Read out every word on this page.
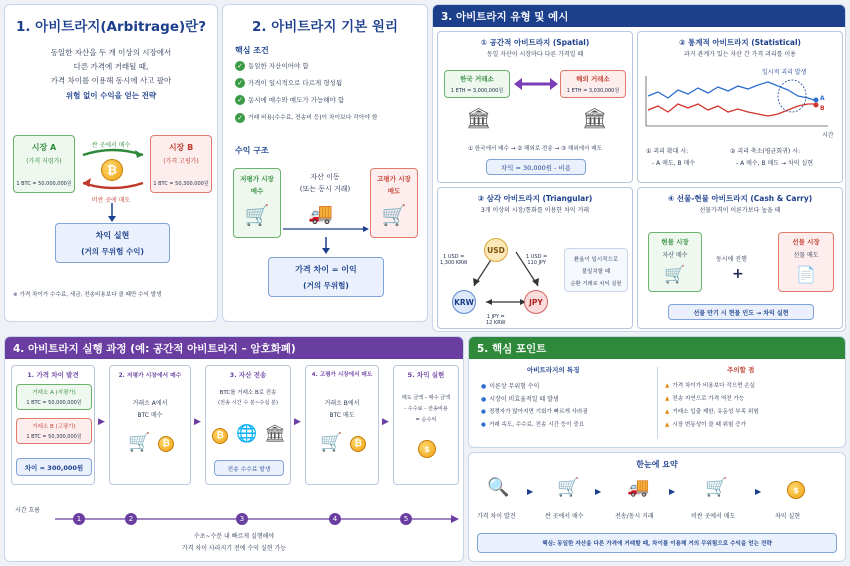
1. 아비트라지(Arbitrage)란?
동일한 자산을 두 개 이상의 시장에서
다른 가격에 거래될 때,
가격 차이를 이용해 동시에 사고 팔아
위험 없이 수익을 얻는 전략
시장 A
(가격 저렴가)
1 BTC = 50,000,000원
시장 B
(가격 고평가)
1 BTC = 50,300,000원
싼 곳에서 매수
₿
비싼 곳에 매도
차익 실현
(거의 무위험 수익)
※ 가격 차이가 수수료, 세금, 전송비용보다 클 때만 수익 발생
2. 아비트라지 기본 원리
핵심 조건
✓ 동일한 자산이어야 함
✓ 가격이 일시적으로 다르게 형성됨
✓ 동시에 매수와 매도가 가능해야 함
✓ 거래 비용(수수료, 전송비 등)이 차이보다 작아야 함
수익 구조
저평가 시장
매수
🛒
자산 이동
(또는 동시 거래)
🚚
고평가 시장
매도
🛒
가격 차이 = 이익
(거의 무위험)
3. 아비트라지 유형 및 예시
① 공간적 아비트라지 (Spatial)
동일 자산이 시장마다 다른 가격일 때
한국 거래소
1 ETH = 3,000,000원
해외 거래소
1 ETH = 3,030,000원
🏛	🏛
① 한국에서 매수 → ② 해외로 전송 → ③ 해외에서 매도
차익 = 30,000원 - 비용
② 통계적 아비트라지 (Statistical)
과거 관계가 있는 자산 간 가격 괴리를 이용
일시적 괴리 발생
A
B
시간
① 괴리 확대 시:
- A 매도, B 매수
② 괴리 축소(평균회귀) 시:
- A 매수, B 매도 → 차익 실현
③ 삼각 아비트라지 (Triangular)
3개 이상의 시장/통화를 이용한 차익 거래
USD
KRW	JPY
1 USD =
1,300 KRW
1 USD =
110 JPY
1 JPY =
12 KRW
환율이 일시적으로
불일치할 때
순환 거래로 차익 실현
④ 선물-현물 아비트라지 (Cash & Carry)
선물가격이 이론가보다 높을 때
현물 시장
자산 매수
🛒
동시에 진행
+
선물 시장
선물 매도
📄
선물 만기 시 현물 인도 → 차익 실현
4. 아비트라지 실행 과정 (예: 공간적 아비트라지 – 암호화폐)
1. 가격 차이 발견
거래소 A (저평가)
1 BTC = 50,000,000원
거래소 B (고평가)
1 BTC = 50,300,000원
차이 = 300,000원
▶
2. 저평가 시장에서 매수
거래소 A에서
BTC 매수
🛒	₿
▶
3. 자산 전송
BTC를 거래소 B로 전송
(전송 시간 수 분~수십 분)
₿ 🌐 🏛
전송 수수료 발생
▶
4. 고평가 시장에서 매도
거래소 B에서
BTC 매도
🛒	₿
▶
5. 차익 실현
매도 금액 - 매수 금액
- 수수료 - 전송비용
= 순수익
$
시간 흐름
1	2	3	4	5
수초~수분 내 빠르게 실행해야
가격 차이 사라지기 전에 수익 실현 가능
5. 핵심 포인트
아비트라지의 특징
● 이론상 무위험 수익
● 시장이 비효율적일 때 발생
● 경쟁자가 많아지면 기회가 빠르게 사라짐
● 거래 속도, 수수료, 전송 시간 등이 중요
주의할 점
▲ 가격 차이가 비용보다 작으면 손실
▲ 전송 지연으로 가격 역전 가능
▲ 거래소 입출 제한, 유동성 부족 위험
▲ 시장 변동성이 클 때 위험 증가
한눈에 요약
🔍 ▶ 🛒 ▶ 🚚 ▶ 🛒	▶	$
가격 차이 발견	싼 곳에서 매수	전송/동시 거래	비싼 곳에서 매도	차익 실현
핵심: 동일한 자산을 다른 가격에 거래할 때, 차이를 이용해 거의 무위험으로 수익을 얻는 전략
